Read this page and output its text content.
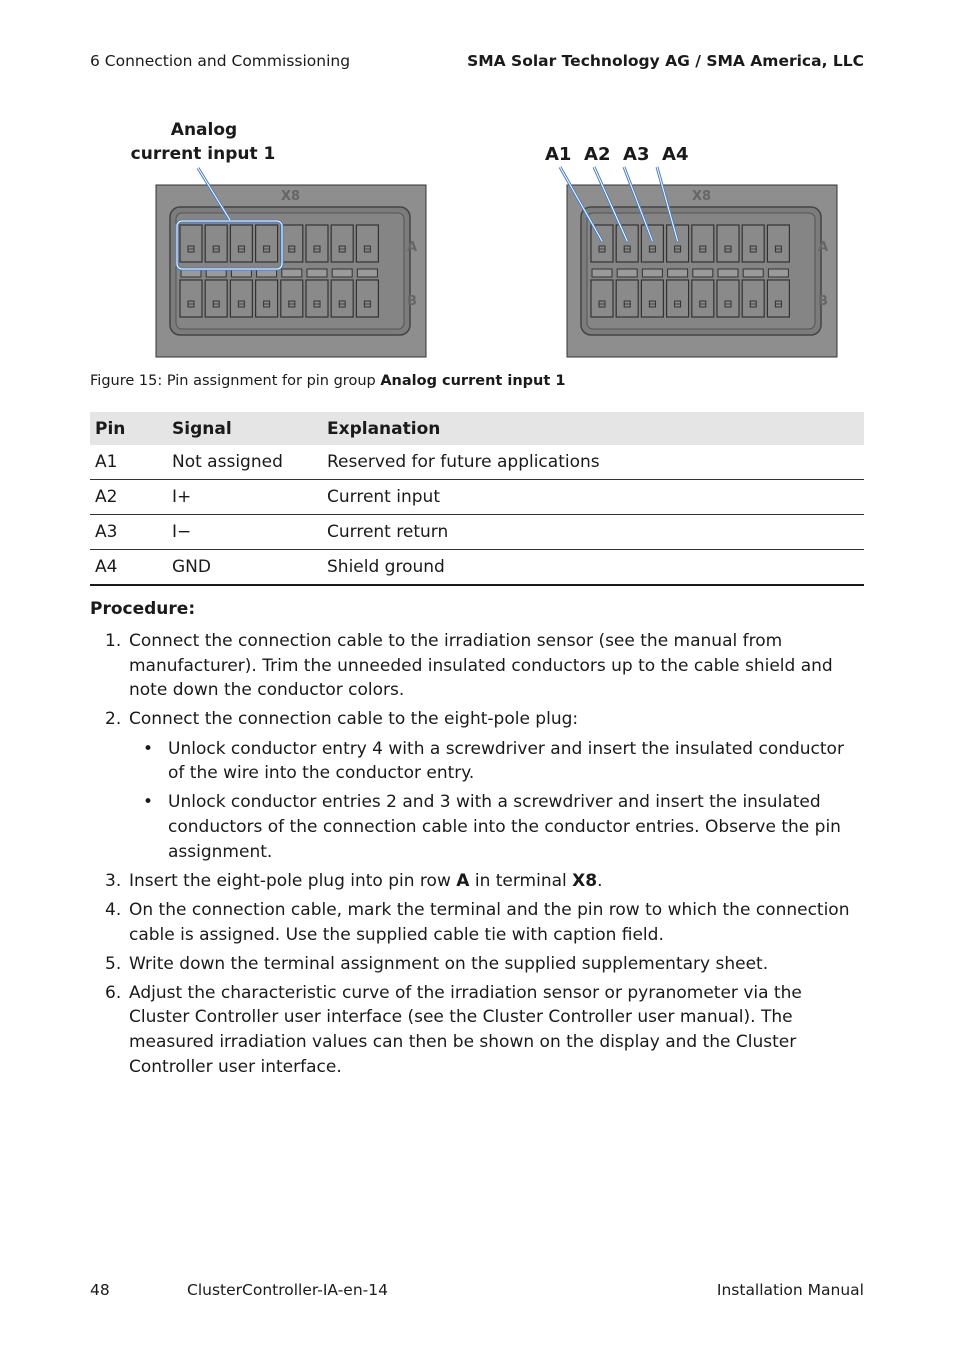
6 Connection and Commissioning	SMA Solar Technology AG / SMA America, LLC
Analog
current input 1
X8
A
B
A1 A2 A3 A4
X8
A
B
Figure 15: Pin assignment for pin group Analog current input 1
Pin	Signal	Explanation
A1	Not assigned	Reserved for future applications
A2	I+	Current input
A3	I−	Current return
A4	GND	Shield ground
Procedure:
1. Connect the connection cable to the irradiation sensor (see the manual from manufacturer). Trim the unneeded insulated conductors up to the cable shield and note down the conductor colors.
2. Connect the connection cable to the eight-pole plug:
• Unlock conductor entry 4 with a screwdriver and insert the insulated conductor of the wire into the conductor entry.
• Unlock conductor entries 2 and 3 with a screwdriver and insert the insulated conductors of the connection cable into the conductor entries. Observe the pin assignment.
3. Insert the eight-pole plug into pin row A in terminal X8.
4. On the connection cable, mark the terminal and the pin row to which the connection cable is assigned. Use the supplied cable tie with caption field.
5. Write down the terminal assignment on the supplied supplementary sheet.
6. Adjust the characteristic curve of the irradiation sensor or pyranometer via the Cluster Controller user interface (see the Cluster Controller user manual). The measured irradiation values can then be shown on the display and the Cluster Controller user interface.
48	ClusterController-IA-en-14	Installation Manual
